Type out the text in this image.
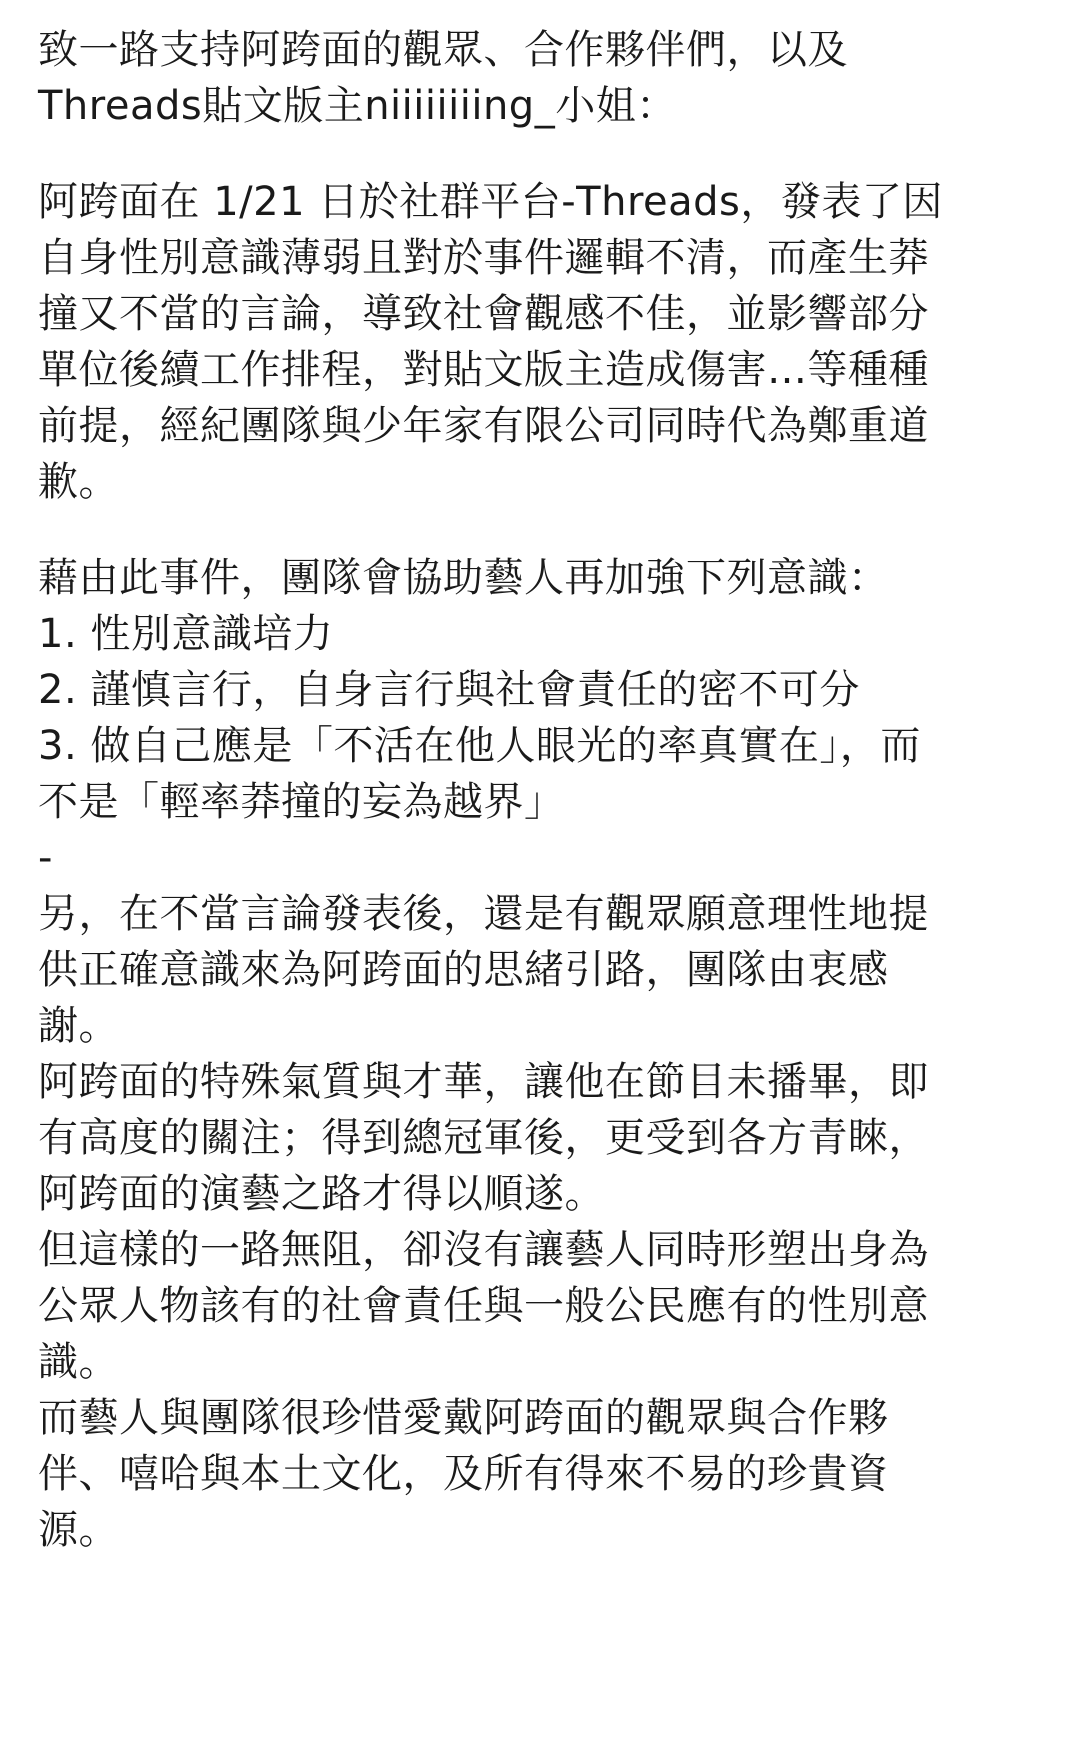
致一路支持阿跨面的觀眾、合作夥伴們，以及
Threads貼文版主niiiiiiiing_小姐：
阿跨面在 1/21 日於社群平台-Threads，發表了因
自身性別意識薄弱且對於事件邏輯不清，而產生莽
撞又不當的言論，導致社會觀感不佳，並影響部分
單位後續工作排程，對貼文版主造成傷害…等種種
前提，經紀團隊與少年家有限公司同時代為鄭重道
歉。
藉由此事件，團隊會協助藝人再加強下列意識：
1. 性別意識培力
2. 謹慎言行，自身言行與社會責任的密不可分
3. 做自己應是「不活在他人眼光的率真實在」，而
不是「輕率莽撞的妄為越界」
-
另，在不當言論發表後，還是有觀眾願意理性地提
供正確意識來為阿跨面的思緒引路，團隊由衷感
謝。
阿跨面的特殊氣質與才華，讓他在節目未播畢，即
有高度的關注；得到總冠軍後，更受到各方青睞，
阿跨面的演藝之路才得以順遂。
但這樣的一路無阻，卻沒有讓藝人同時形塑出身為
公眾人物該有的社會責任與一般公民應有的性別意
識。
而藝人與團隊很珍惜愛戴阿跨面的觀眾與合作夥
伴、嘻哈與本土文化，及所有得來不易的珍貴資
源。
